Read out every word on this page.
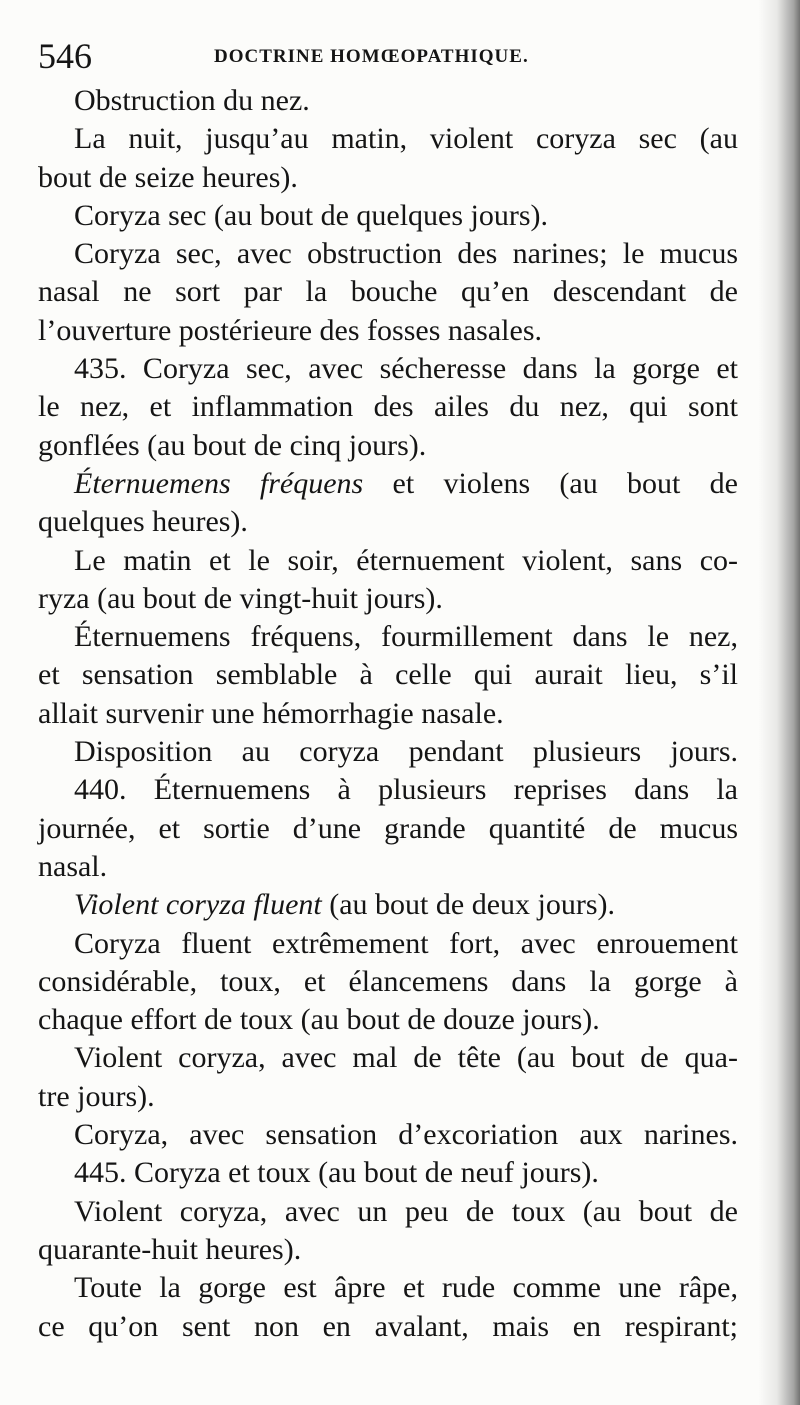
546	DOCTRINE HOMŒOPATHIQUE.
Obstruction du nez.
La nuit, jusqu’au matin, violent coryza sec (au
bout de seize heures).
Coryza sec (au bout de quelques jours).
Coryza sec, avec obstruction des narines; le mucus
nasal ne sort par la bouche qu’en descendant de
l’ouverture postérieure des fosses nasales.
435. Coryza sec, avec sécheresse dans la gorge et
le nez, et inflammation des ailes du nez, qui sont
gonflées (au bout de cinq jours).
Éternuemens fréquens et violens (au bout de
quelques heures).
Le matin et le soir, éternuement violent, sans co-
ryza (au bout de vingt-huit jours).
Éternuemens fréquens, fourmillement dans le nez,
et sensation semblable à celle qui aurait lieu, s’il
allait survenir une hémorrhagie nasale.
Disposition au coryza pendant plusieurs jours.
440. Éternuemens à plusieurs reprises dans la
journée, et sortie d’une grande quantité de mucus
nasal.
Violent coryza fluent (au bout de deux jours).
Coryza fluent extrêmement fort, avec enrouement
considérable, toux, et élancemens dans la gorge à
chaque effort de toux (au bout de douze jours).
Violent coryza, avec mal de tête (au bout de qua-
tre jours).
Coryza, avec sensation d’excoriation aux narines.
445. Coryza et toux (au bout de neuf jours).
Violent coryza, avec un peu de toux (au bout de
quarante-huit heures).
Toute la gorge est âpre et rude comme une râpe,
ce qu’on sent non en avalant, mais en respirant;
